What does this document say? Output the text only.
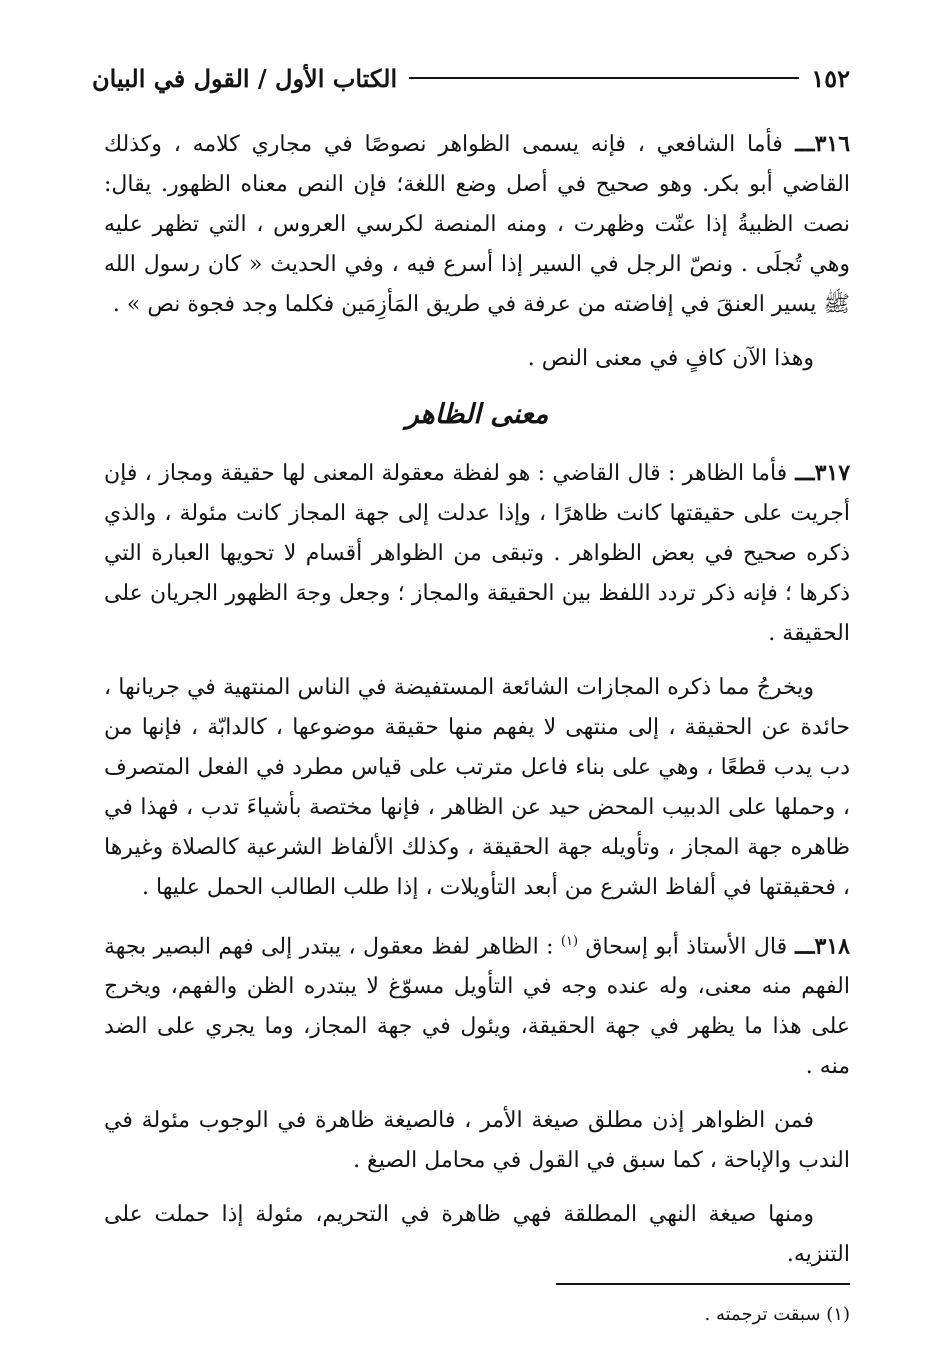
١٥٢
الكتاب الأول / القول في البيان

٣١٦ـــ فأما الشافعي ، فإنه يسمى الظواهر نصوصًا في مجاري كلامه ، وكذلك القاضي أبو بكر. وهو صحيح في أصل وضع اللغة؛ فإن النص معناه الظهور. يقال: نصت الظبيةُ إذا عنّت وظهرت ، ومنه المنصة لكرسي العروس ، التي تظهر عليه وهي تُجلَى . ونصّ الرجل في السير إذا أسرع فيه ، وفي الحديث « كان رسول الله ﷺ يسير العنقَ في إفاضته من عرفة في طريق المَأزِمَين فكلما وجد فجوة نص » .

وهذا الآن كافٍ في معنى النص .

معنى الظاهر

٣١٧ـــ فأما الظاهر : قال القاضي : هو لفظة معقولة المعنى لها حقيقة ومجاز ، فإن أجريت على حقيقتها كانت ظاهرًا ، وإذا عدلت إلى جهة المجاز كانت مئولة ، والذي ذكره صحيح في بعض الظواهر . وتبقى من الظواهر أقسام لا تحويها العبارة التي ذكرها ؛ فإنه ذكر تردد اللفظ بين الحقيقة والمجاز ؛ وجعل وجهَ الظهور الجريان على الحقيقة .

ويخرجُ مما ذكره المجازات الشائعة المستفيضة في الناس المنتهية في جريانها ، حائدة عن الحقيقة ، إلى منتهى لا يفهم منها حقيقة موضوعها ، كالدابّة ، فإنها من دب يدب قطعًا ، وهي على بناء فاعل مترتب على قياس مطرد في الفعل المتصرف ، وحملها على الدبيب المحض حيد عن الظاهر ، فإنها مختصة بأشياءَ تدب ، فهذا في ظاهره جهة المجاز ، وتأويله جهة الحقيقة ، وكذلك الألفاظ الشرعية كالصلاة وغيرها ، فحقيقتها في ألفاظ الشرع من أبعد التأويلات ، إذا طلب الطالب الحمل عليها .

٣١٨ـــ قال الأستاذ أبو إسحاق $^{(١)}$ : الظاهر لفظ معقول ، يبتدر إلى فهم البصير بجهة الفهم منه معنى، وله عنده وجه في التأويل مسوّغ لا يبتدره الظن والفهم، ويخرج على هذا ما يظهر في جهة الحقيقة، ويئول في جهة المجاز، وما يجري على الضد منه .

فمن الظواهر إذن مطلق صيغة الأمر ، فالصيغة ظاهرة في الوجوب مئولة في الندب والإباحة ، كما سبق في القول في محامل الصيغ .

ومنها صيغة النهي المطلقة فهي ظاهرة في التحريم، مئولة إذا حملت على التنزيه.

(١) سبقت ترجمته .
